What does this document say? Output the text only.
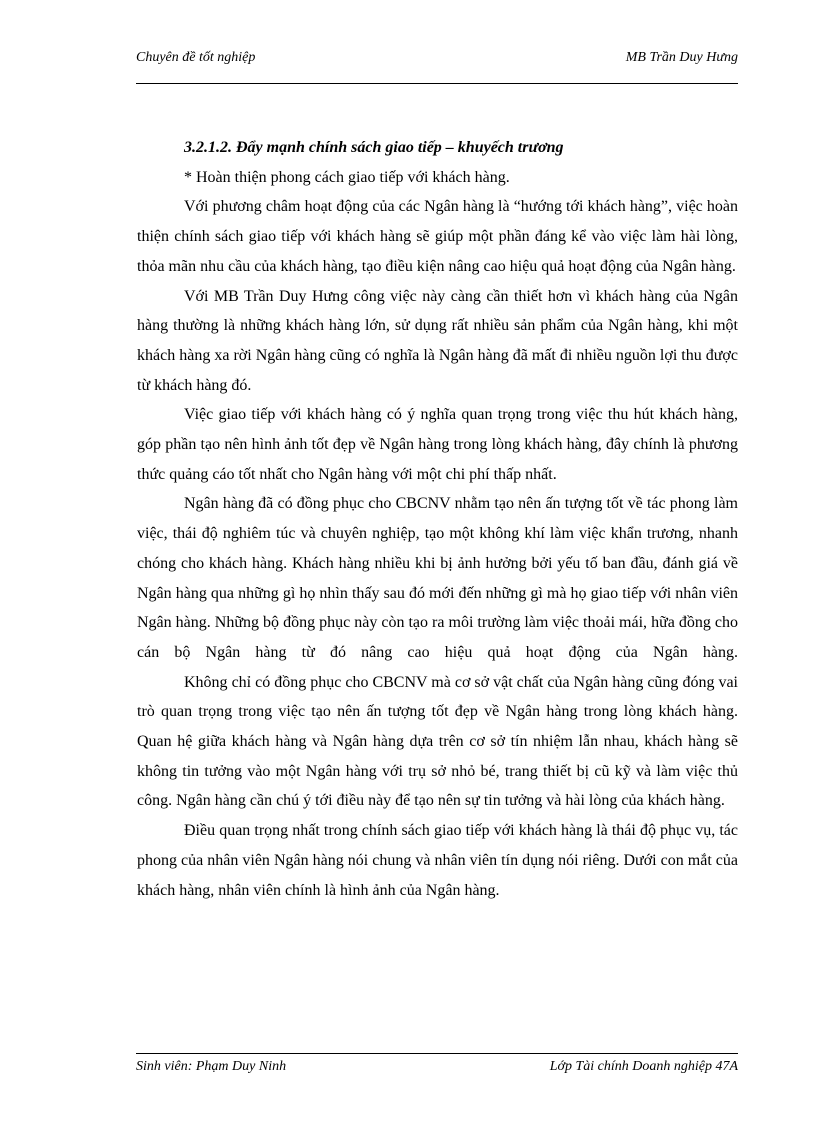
Chuyên đề tốt nghiệp	MB Trần Duy Hưng

3.2.1.2. Đẩy mạnh chính sách giao tiếp – khuyếch trương

* Hoàn thiện phong cách giao tiếp với khách hàng.

Với phương châm hoạt động của các Ngân hàng là “hướng tới khách hàng”, việc hoàn thiện chính sách giao tiếp với khách hàng sẽ giúp một phần đáng kể vào việc làm hài lòng, thỏa mãn nhu cầu của khách hàng, tạo điều kiện nâng cao hiệu quả hoạt động của Ngân hàng.

Với MB Trần Duy Hưng công việc này càng cần thiết hơn vì khách hàng của Ngân hàng thường là những khách hàng lớn, sử dụng rất nhiều sản phẩm của Ngân hàng, khi một khách hàng xa rời Ngân hàng cũng có nghĩa là Ngân hàng đã mất đi nhiều nguồn lợi thu được từ khách hàng đó.

Việc giao tiếp với khách hàng có ý nghĩa quan trọng trong việc thu hút khách hàng, góp phần tạo nên hình ảnh tốt đẹp về Ngân hàng trong lòng khách hàng, đây chính là phương thức quảng cáo tốt nhất cho Ngân hàng với một chi phí thấp nhất.

Ngân hàng đã có đồng phục cho CBCNV nhằm tạo nên ấn tượng tốt về tác phong làm việc, thái độ nghiêm túc và chuyên nghiệp, tạo một không khí làm việc khẩn trương, nhanh chóng cho khách hàng. Khách hàng nhiều khi bị ảnh hưởng bởi yếu tố ban đầu, đánh giá về Ngân hàng qua những gì họ nhìn thấy sau đó mới đến những gì mà họ giao tiếp với nhân viên Ngân hàng. Những bộ đồng phục này còn tạo ra môi trường làm việc thoải mái, hữa đồng cho cán bộ Ngân hàng từ đó nâng cao hiệu quả hoạt động của Ngân hàng.

Không chỉ có đồng phục cho CBCNV mà cơ sở vật chất của Ngân hàng cũng đóng vai trò quan trọng trong việc tạo nên ấn tượng tốt đẹp về Ngân hàng trong lòng khách hàng. Quan hệ giữa khách hàng và Ngân hàng dựa trên cơ sở tín nhiệm lẫn nhau, khách hàng sẽ không tin tưởng vào một Ngân hàng với trụ sở nhỏ bé, trang thiết bị cũ kỹ và làm việc thủ công. Ngân hàng cần chú ý tới điều này để tạo nên sự tin tưởng và hài lòng của khách hàng.

Điều quan trọng nhất trong chính sách giao tiếp với khách hàng là thái độ phục vụ, tác phong của nhân viên Ngân hàng nói chung và nhân viên tín dụng nói riêng. Dưới con mắt của khách hàng, nhân viên chính là hình ảnh của Ngân hàng.

Sinh viên: Phạm Duy Ninh	Lớp Tài chính Doanh nghiệp 47A
